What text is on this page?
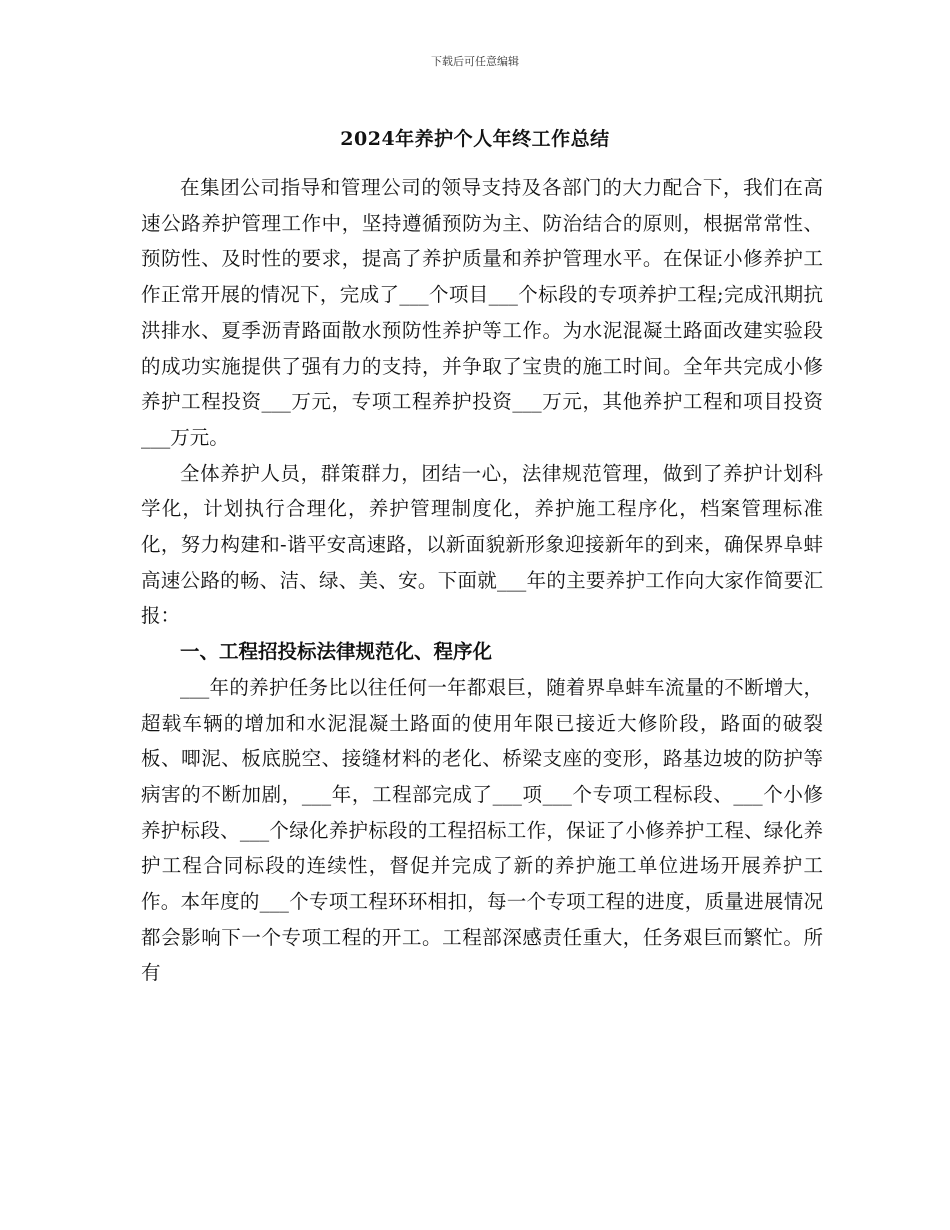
下载后可任意编辑
2024年养护个人年终工作总结

在集团公司指导和管理公司的领导支持及各部门的大力配合下，我们在高速公路养护管理工作中，坚持遵循预防为主、防治结合的原则，根据常常性、预防性、及时性的要求，提高了养护质量和养护管理水平。在保证小修养护工作正常开展的情况下，完成了___个项目___个标段的专项养护工程;完成汛期抗洪排水、夏季沥青路面散水预防性养护等工作。为水泥混凝土路面改建实验段的成功实施提供了强有力的支持，并争取了宝贵的施工时间。全年共完成小修养护工程投资___万元，专项工程养护投资___万元，其他养护工程和项目投资___万元。

全体养护人员，群策群力，团结一心，法律规范管理，做到了养护计划科学化，计划执行合理化，养护管理制度化，养护施工程序化，档案管理标准化，努力构建和-谐平安高速路，以新面貌新形象迎接新年的到来，确保界阜蚌高速公路的畅、洁、绿、美、安。下面就___年的主要养护工作向大家作简要汇报：

一、工程招投标法律规范化、程序化

___年的养护任务比以往任何一年都艰巨，随着界阜蚌车流量的不断增大，超载车辆的增加和水泥混凝土路面的使用年限已接近大修阶段，路面的破裂板、唧泥、板底脱空、接缝材料的老化、桥梁支座的变形，路基边坡的防护等病害的不断加剧，___年，工程部完成了___项___个专项工程标段、___个小修养护标段、___个绿化养护标段的工程招标工作，保证了小修养护工程、绿化养护工程合同标段的连续性，督促并完成了新的养护施工单位进场开展养护工作。本年度的___个专项工程环环相扣，每一个专项工程的进度，质量进展情况都会影响下一个专项工程的开工。工程部深感责任重大，任务艰巨而繁忙。所有
